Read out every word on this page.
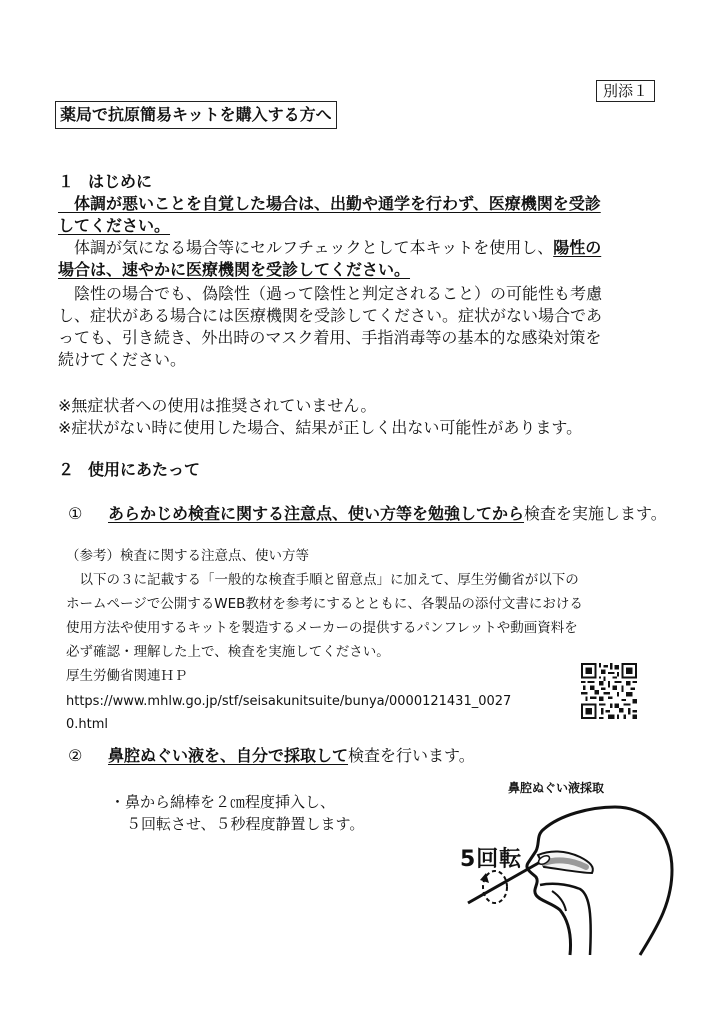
別添１
薬局で抗原簡易キットを購入する方へ
１ はじめに
　体調が悪いことを自覚した場合は、出勤や通学を行わず、医療機関を受診
してください。
　体調が気になる場合等にセルフチェックとして本キットを使用し、陽性の
場合は、速やかに医療機関を受診してください。
　陰性の場合でも、偽陰性（過って陰性と判定されること）の可能性も考慮
し、症状がある場合には医療機関を受診してください。症状がない場合であ
っても、引き続き、外出時のマスク着用、手指消毒等の基本的な感染対策を
続けてください。
※無症状者への使用は推奨されていません。
※症状がない時に使用した場合、結果が正しく出ない可能性があります。
２ 使用にあたって
① あらかじめ検査に関する注意点、使い方等を勉強してから検査を実施します。
（参考）検査に関する注意点、使い方等
　以下の３に記載する「一般的な検査手順と留意点」に加えて、厚生労働省が以下の
ホームページで公開するWEB教材を参考にするとともに、各製品の添付文書における
使用方法や使用するキットを製造するメーカーの提供するパンフレットや動画資料を
必ず確認・理解した上で、検査を実施してください。
厚生労働省関連ＨＰ
https://www.mhlw.go.jp/stf/seisakunitsuite/bunya/0000121431_0027
0.html
② 鼻腔ぬぐい液を、自分で採取して検査を行います。
・鼻から綿棒を２㎝程度挿入し、
５回転させ、５秒程度静置します。
鼻腔ぬぐい液採取
5回転
